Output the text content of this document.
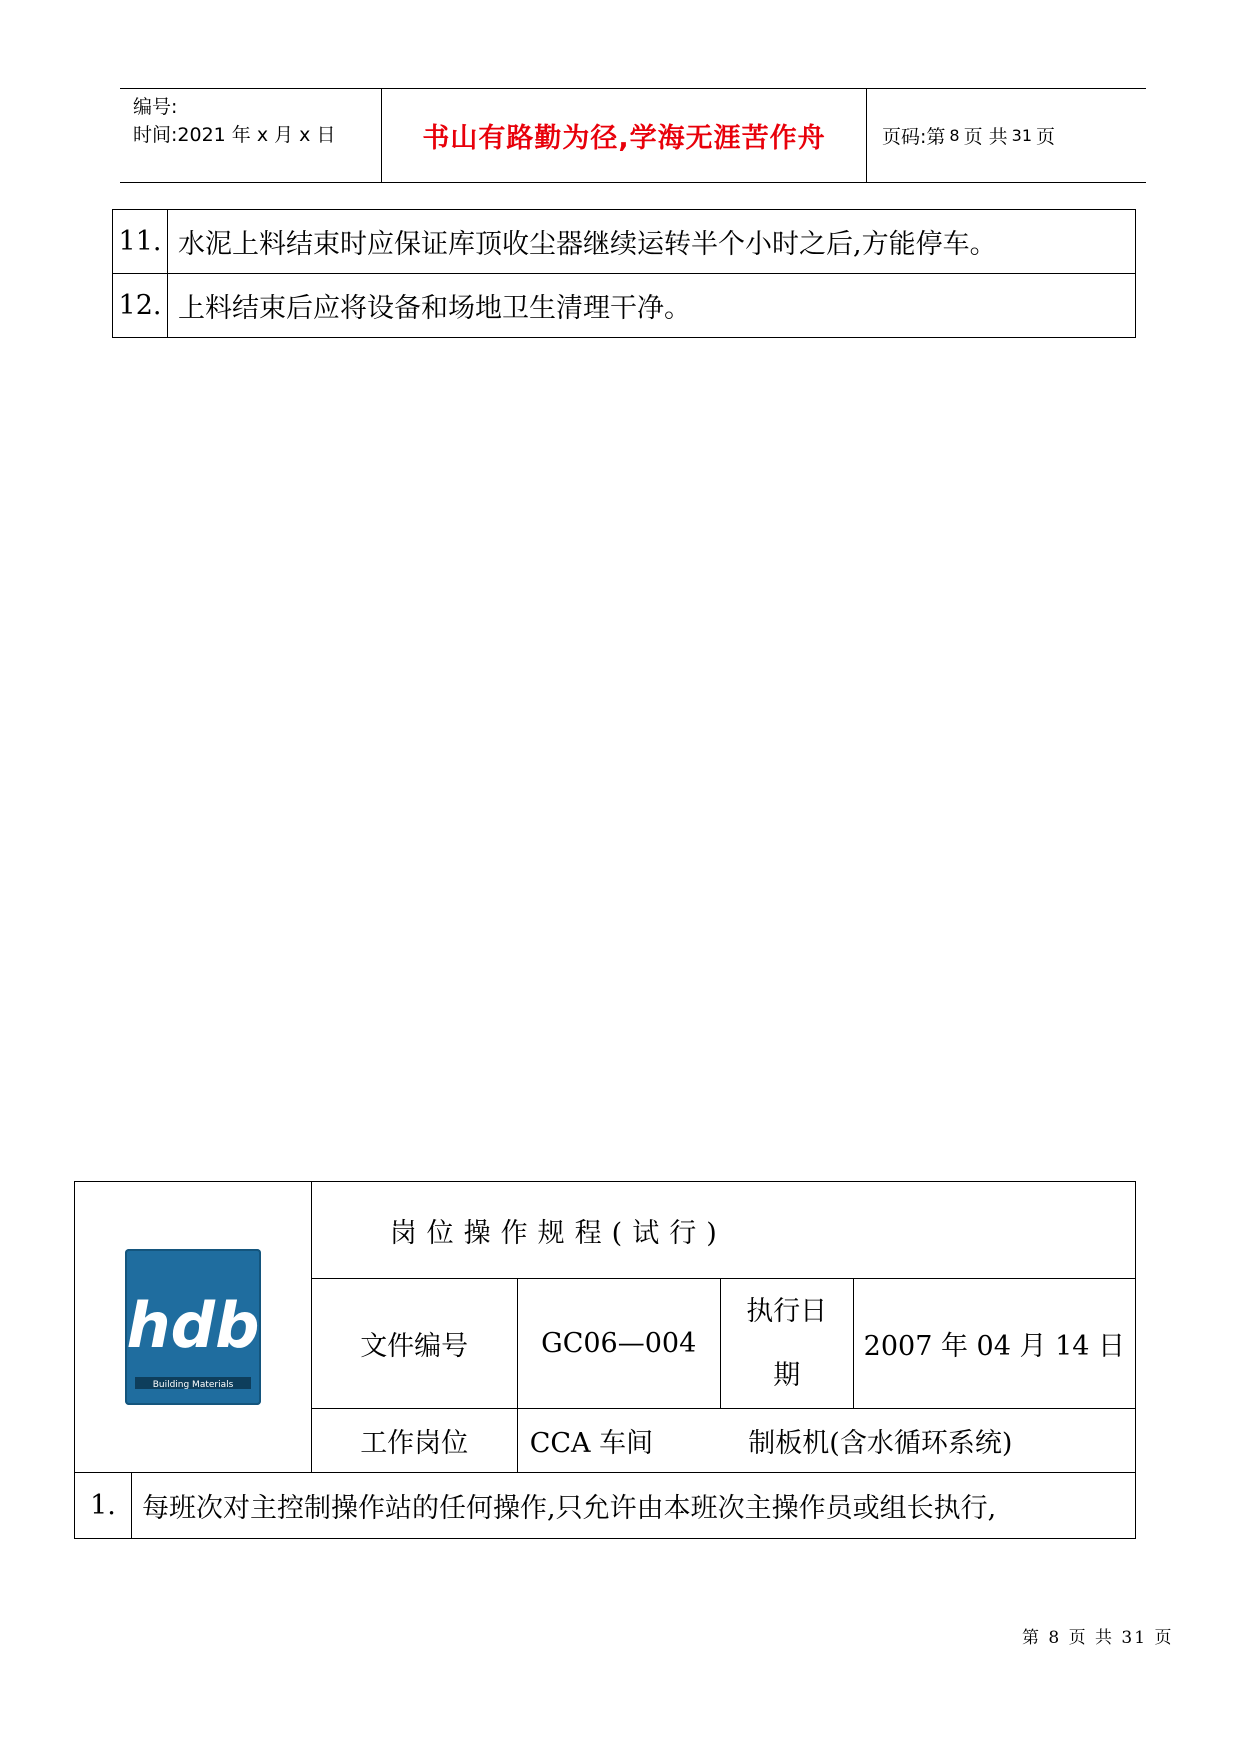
编号:
时间:2021 年 x 月 x 日	书山有路勤为径,学海无涯苦作舟	页码:第 8 页 共 31 页
11.	水泥上料结束时应保证库顶收尘器继续运转半个小时之后,方能停车。
12.	上料结束后应将设备和场地卫生清理干净。
hdb
Building Materials		岗位操作规程(试行)			
		文件编号	GC06—004	执行日
期	2007 年 04 月 14 日
		工作岗位	CCA 车间 制板机(含水循环系统)		
1.	每班次对主控制操作站的任何操作,只允许由本班次主操作员或组长执行,				
第 8 页 共 31 页
